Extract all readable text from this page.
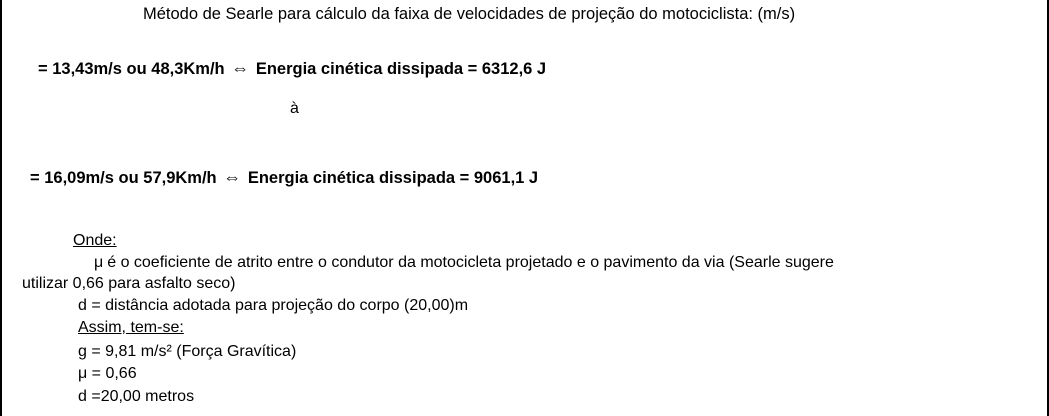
Método de Searle para cálculo da faixa de velocidades de projeção do motociclista: (m/s)
= 13,43m/s ou 48,3Km/h ⇔ Energia cinética dissipada = 6312,6 J
à
= 16,09m/s ou 57,9Km/h ⇔ Energia cinética dissipada = 9061,1 J
Onde:
μ é o coeficiente de atrito entre o condutor da motocicleta projetado e o pavimento da via (Searle sugere
utilizar 0,66 para asfalto seco)
d = distância adotada para projeção do corpo (20,00)m
Assim, tem-se:
g = 9,81 m/s² (Força Gravítica)
μ = 0,66
d =20,00 metros
